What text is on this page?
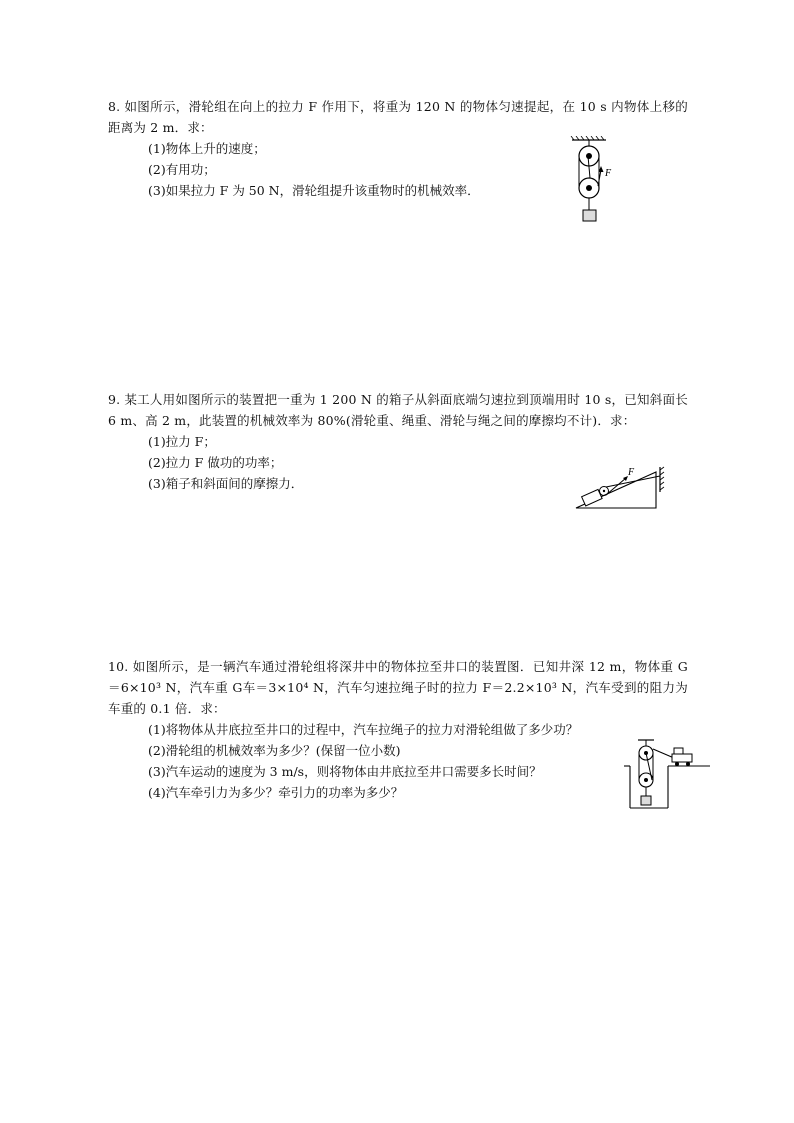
8. 如图所示，滑轮组在向上的拉力 F 作用下，将重为 120 N 的物体匀速提起，在 10 s 内物体上移的距离为 2 m．求：

(1)物体上升的速度；
(2)有用功；
(3)如果拉力 F 为 50 N，滑轮组提升该重物时的机械效率．
F

9. 某工人用如图所示的装置把一重为 1 200 N 的箱子从斜面底端匀速拉到顶端用时 10 s，已知斜面长 6 m、高 2 m，此装置的机械效率为 80%(滑轮重、绳重、滑轮与绳之间的摩擦均不计)．求：

(1)拉力 F；
(2)拉力 F 做功的功率；
(3)箱子和斜面间的摩擦力．
F

10. 如图所示，是一辆汽车通过滑轮组将深井中的物体拉至井口的装置图．已知井深 12 m，物体重 G＝6×10³ N，汽车重 G车＝3×10⁴ N，汽车匀速拉绳子时的拉力 F＝2.2×10³ N，汽车受到的阻力为车重的 0.1 倍．求：

(1)将物体从井底拉至井口的过程中，汽车拉绳子的拉力对滑轮组做了多少功？
(2)滑轮组的机械效率为多少？(保留一位小数)
(3)汽车运动的速度为 3 m/s，则将物体由井底拉至井口需要多长时间？
(4)汽车牵引力为多少？牵引力的功率为多少？
